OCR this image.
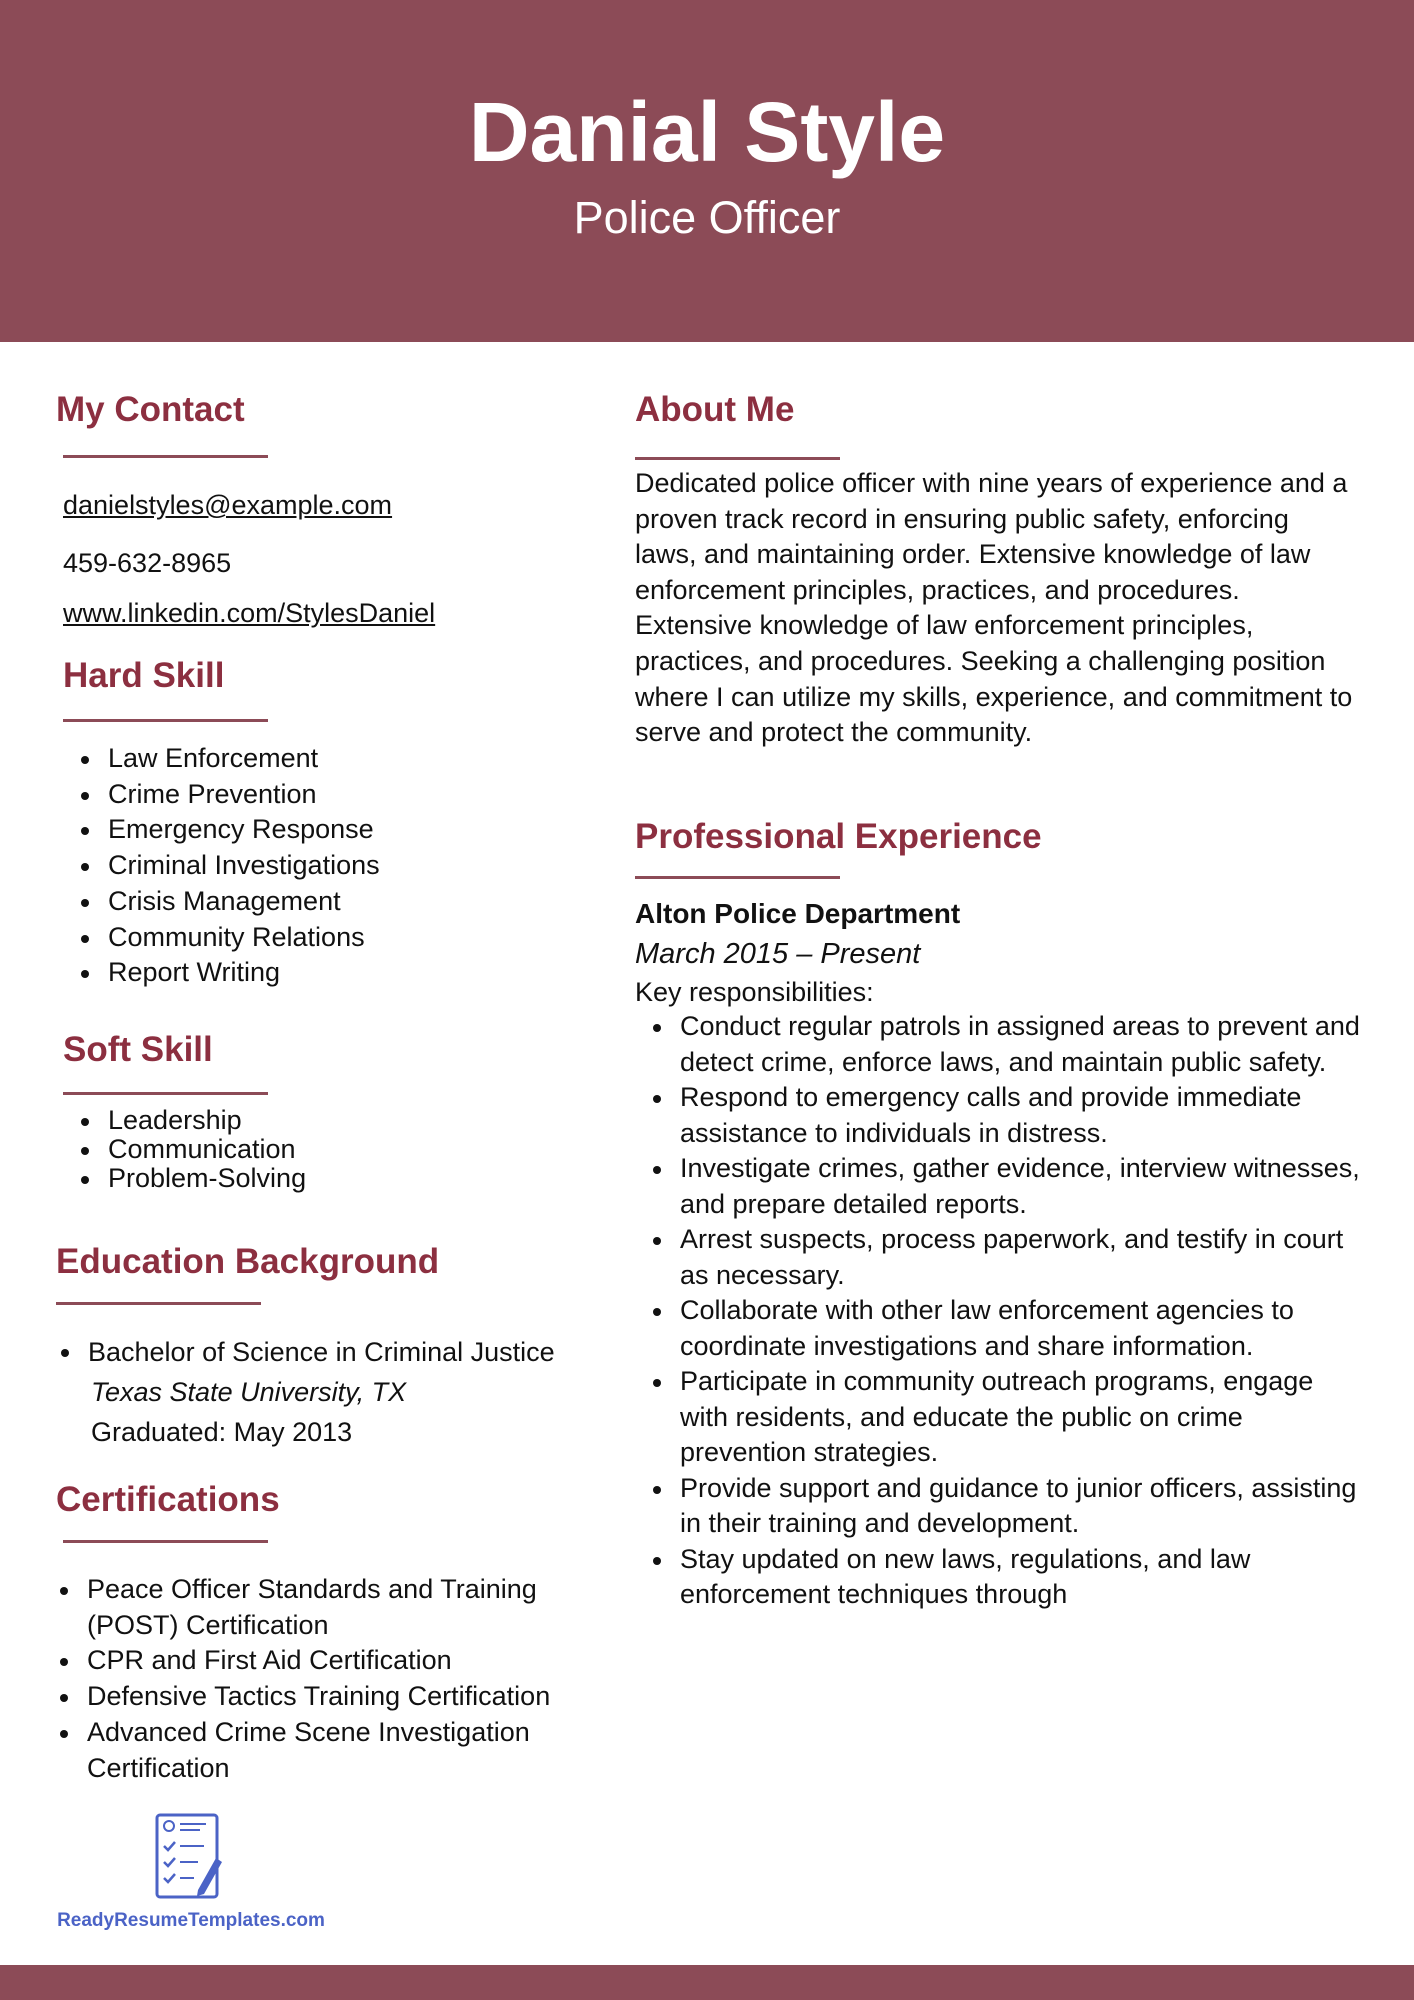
Danial Style
Police Officer
My Contact
danielstyles@example.com
459-632-8965
www.linkedin.com/StylesDaniel
Hard Skill
Law Enforcement
Crime Prevention
Emergency Response
Criminal Investigations
Crisis Management
Community Relations
Report Writing
Soft Skill
Leadership
Communication
Problem-Solving
Education Background
Bachelor of Science in Criminal Justice
Texas State University, TX
Graduated: May 2013
Certifications
Peace Officer Standards and Training (POST) Certification
CPR and First Aid Certification
Defensive Tactics Training Certification
Advanced Crime Scene Investigation Certification
About Me
Dedicated police officer with nine years of experience and a proven track record in ensuring public safety, enforcing laws, and maintaining order. Extensive knowledge of law enforcement principles, practices, and procedures. Extensive knowledge of law enforcement principles, practices, and procedures. Seeking a challenging position where I can utilize my skills, experience, and commitment to serve and protect the community.
Professional Experience
Alton Police Department
March 2015 – Present
Key responsibilities:
Conduct regular patrols in assigned areas to prevent and detect crime, enforce laws, and maintain public safety.
Respond to emergency calls and provide immediate assistance to individuals in distress.
Investigate crimes, gather evidence, interview witnesses, and prepare detailed reports.
Arrest suspects, process paperwork, and testify in court as necessary.
Collaborate with other law enforcement agencies to coordinate investigations and share information.
Participate in community outreach programs, engage with residents, and educate the public on crime prevention strategies.
Provide support and guidance to junior officers, assisting in their training and development.
Stay updated on new laws, regulations, and law enforcement techniques through
ReadyResumeTemplates.com
